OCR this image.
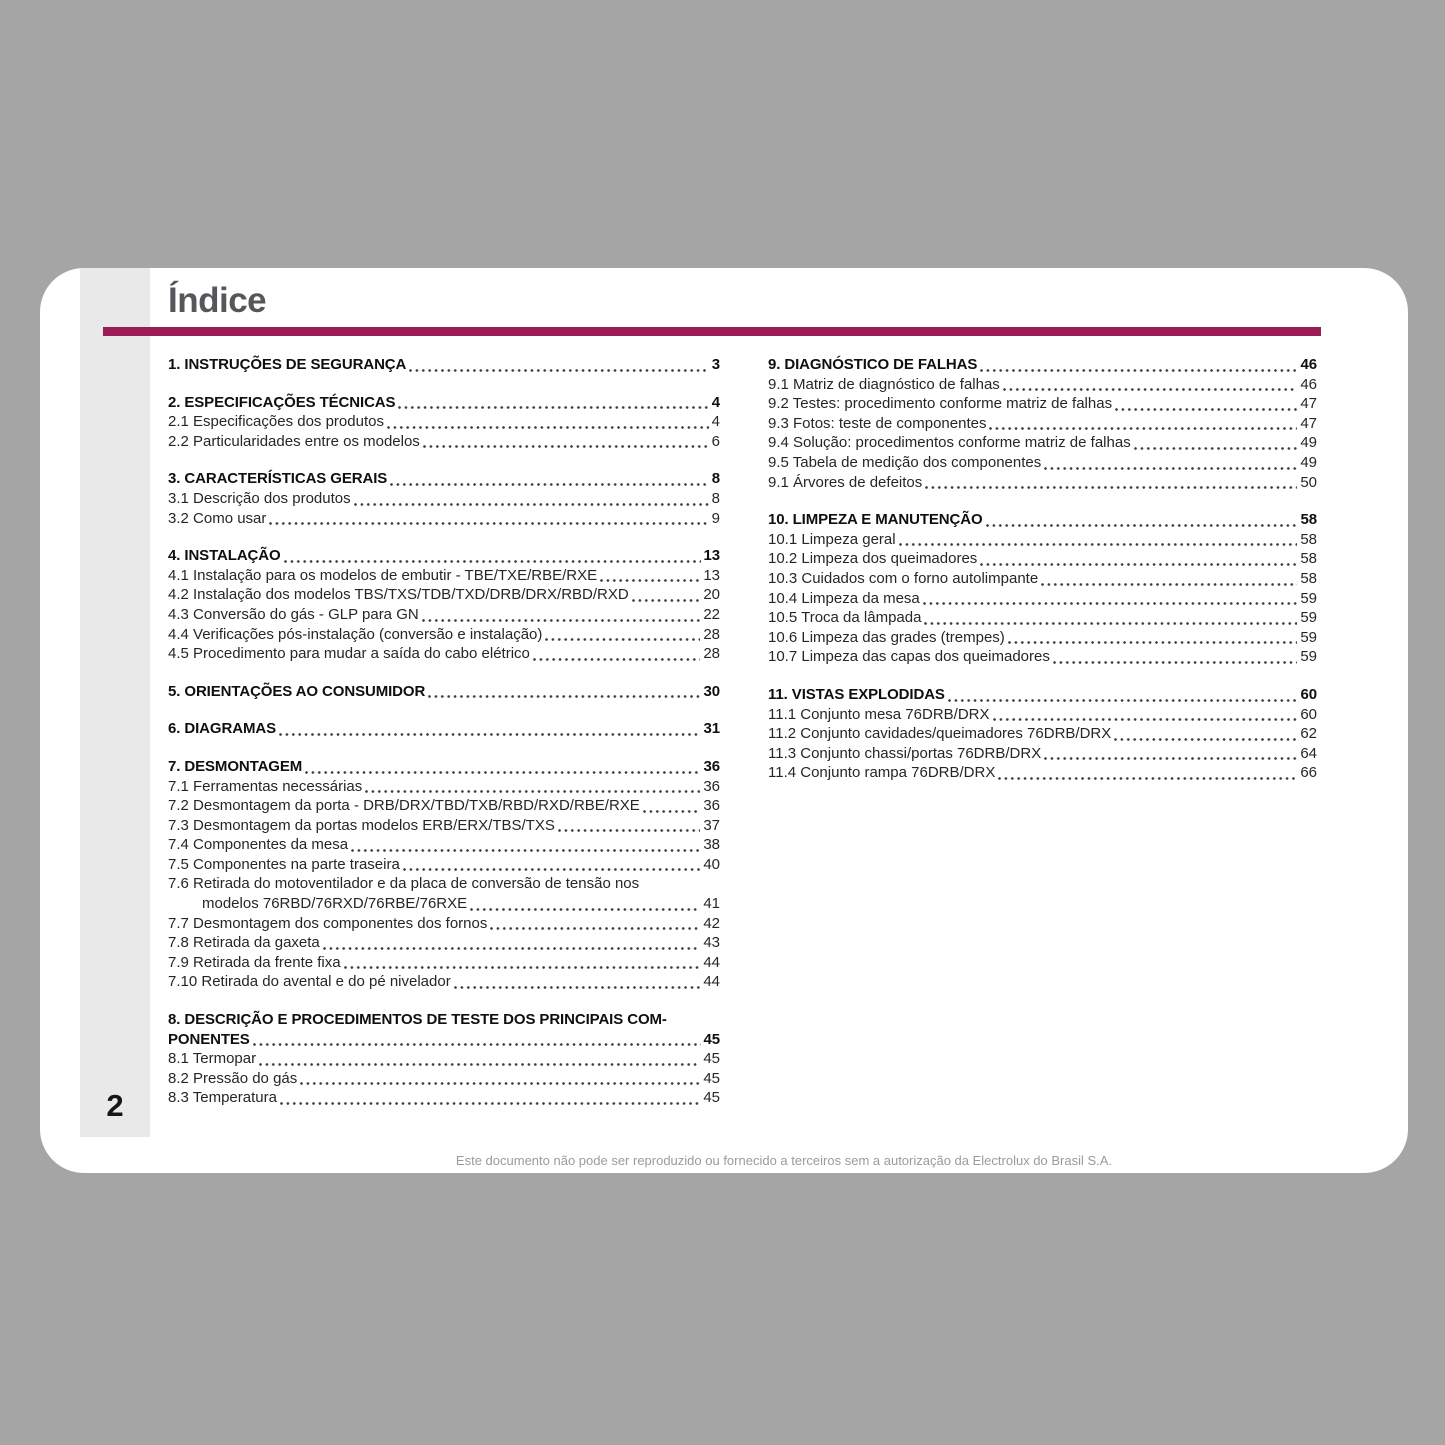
2
Índice
1. INSTRUÇÕES DE SEGURANÇA	3
2. ESPECIFICAÇÕES TÉCNICAS	4
2.1 Especificações dos produtos	4
2.2 Particularidades entre os modelos	6
3. CARACTERÍSTICAS GERAIS	8
3.1 Descrição dos produtos	8
3.2 Como usar	9
4. INSTALAÇÃO	13
4.1 Instalação para os modelos de embutir - TBE/TXE/RBE/RXE	13
4.2 Instalação dos modelos TBS/TXS/TDB/TXD/DRB/DRX/RBD/RXD	20
4.3 Conversão do gás - GLP para GN	22
4.4 Verificações pós-instalação (conversão e instalação)	28
4.5 Procedimento para mudar a saída do cabo elétrico	28
5. ORIENTAÇÕES AO CONSUMIDOR	30
6. DIAGRAMAS	31
7. DESMONTAGEM	36
7.1 Ferramentas necessárias	36
7.2 Desmontagem da porta - DRB/DRX/TBD/TXB/RBD/RXD/RBE/RXE	36
7.3 Desmontagem da portas modelos ERB/ERX/TBS/TXS	37
7.4 Componentes da mesa	38
7.5 Componentes na parte traseira	40
7.6 Retirada do motoventilador e da placa de conversão de tensão nos
modelos 76RBD/76RXD/76RBE/76RXE	41
7.7 Desmontagem dos componentes dos fornos	42
7.8 Retirada da gaxeta	43
7.9 Retirada da frente fixa	44
7.10 Retirada do avental e do pé nivelador	44
8. DESCRIÇÃO E PROCEDIMENTOS DE TESTE DOS PRINCIPAIS COM-
PONENTES	45
8.1 Termopar	45
8.2 Pressão do gás	45
8.3 Temperatura	45
9. DIAGNÓSTICO DE FALHAS	46
9.1 Matriz de diagnóstico de falhas	46
9.2 Testes: procedimento conforme matriz de falhas	47
9.3 Fotos: teste de componentes	47
9.4 Solução: procedimentos conforme matriz de falhas	49
9.5 Tabela de medição dos componentes	49
9.1 Árvores de defeitos	50
10. LIMPEZA E MANUTENÇÃO	58
10.1 Limpeza geral	58
10.2 Limpeza dos queimadores	58
10.3 Cuidados com o forno autolimpante	58
10.4 Limpeza da mesa	59
10.5 Troca da lâmpada	59
10.6 Limpeza das grades (trempes)	59
10.7 Limpeza das capas dos queimadores	59
11. VISTAS EXPLODIDAS	60
11.1 Conjunto mesa 76DRB/DRX	60
11.2 Conjunto cavidades/queimadores 76DRB/DRX	62
11.3 Conjunto chassi/portas 76DRB/DRX	64
11.4 Conjunto rampa 76DRB/DRX	66
Este documento não pode ser reproduzido ou fornecido a terceiros sem a autorização da Electrolux do Brasil S.A.
